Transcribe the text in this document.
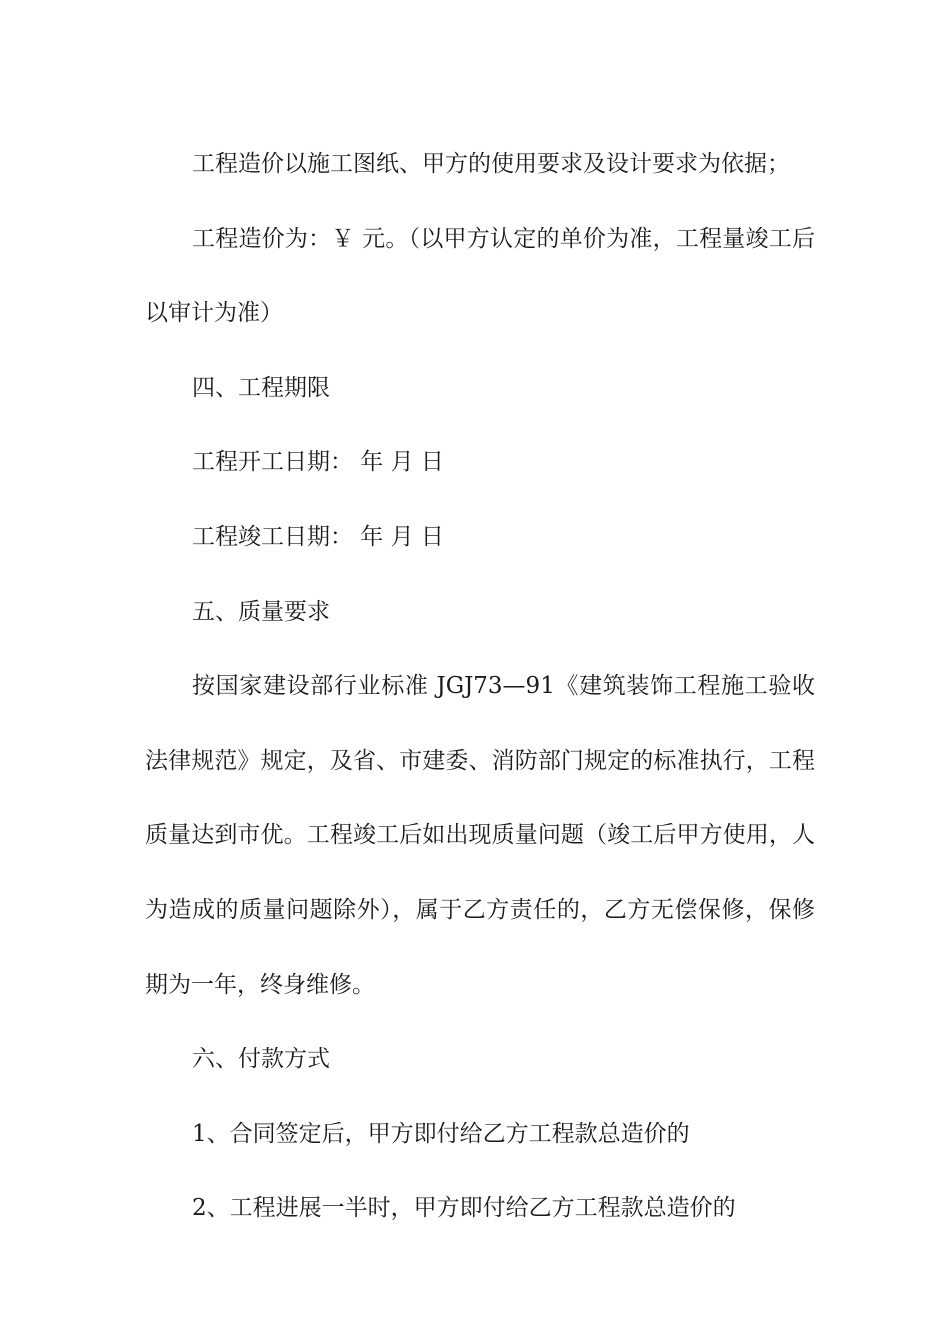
工程造价以施工图纸、甲方的使用要求及设计要求为依据；

工程造价为：￥ 元。（以甲方认定的单价为准，工程量竣工后以审计为准）

四、工程期限

工程开工日期： 年 月 日

工程竣工日期： 年 月 日

五、质量要求

按国家建设部行业标准 JGJ73—91《建筑装饰工程施工验收法律规范》规定，及省、市建委、消防部门规定的标准执行，工程质量达到市优。工程竣工后如出现质量问题（竣工后甲方使用，人为造成的质量问题除外），属于乙方责任的，乙方无偿保修，保修期为一年，终身维修。

六、付款方式

1、合同签定后，甲方即付给乙方工程款总造价的

2、工程进展一半时，甲方即付给乙方工程款总造价的
